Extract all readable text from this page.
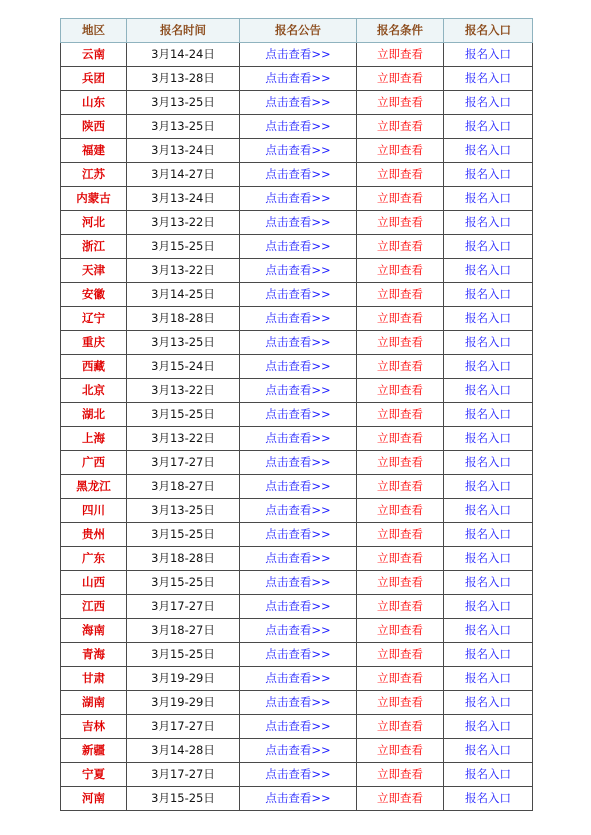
地区	报名时间	报名公告	报名条件	报名入口
云南	3月14-24日	点击查看>>	立即查看	报名入口
兵团	3月13-28日	点击查看>>	立即查看	报名入口
山东	3月13-25日	点击查看>>	立即查看	报名入口
陕西	3月13-25日	点击查看>>	立即查看	报名入口
福建	3月13-24日	点击查看>>	立即查看	报名入口
江苏	3月14-27日	点击查看>>	立即查看	报名入口
内蒙古	3月13-24日	点击查看>>	立即查看	报名入口
河北	3月13-22日	点击查看>>	立即查看	报名入口
浙江	3月15-25日	点击查看>>	立即查看	报名入口
天津	3月13-22日	点击查看>>	立即查看	报名入口
安徽	3月14-25日	点击查看>>	立即查看	报名入口
辽宁	3月18-28日	点击查看>>	立即查看	报名入口
重庆	3月13-25日	点击查看>>	立即查看	报名入口
西藏	3月15-24日	点击查看>>	立即查看	报名入口
北京	3月13-22日	点击查看>>	立即查看	报名入口
湖北	3月15-25日	点击查看>>	立即查看	报名入口
上海	3月13-22日	点击查看>>	立即查看	报名入口
广西	3月17-27日	点击查看>>	立即查看	报名入口
黑龙江	3月18-27日	点击查看>>	立即查看	报名入口
四川	3月13-25日	点击查看>>	立即查看	报名入口
贵州	3月15-25日	点击查看>>	立即查看	报名入口
广东	3月18-28日	点击查看>>	立即查看	报名入口
山西	3月15-25日	点击查看>>	立即查看	报名入口
江西	3月17-27日	点击查看>>	立即查看	报名入口
海南	3月18-27日	点击查看>>	立即查看	报名入口
青海	3月15-25日	点击查看>>	立即查看	报名入口
甘肃	3月19-29日	点击查看>>	立即查看	报名入口
湖南	3月19-29日	点击查看>>	立即查看	报名入口
吉林	3月17-27日	点击查看>>	立即查看	报名入口
新疆	3月14-28日	点击查看>>	立即查看	报名入口
宁夏	3月17-27日	点击查看>>	立即查看	报名入口
河南	3月15-25日	点击查看>>	立即查看	报名入口
